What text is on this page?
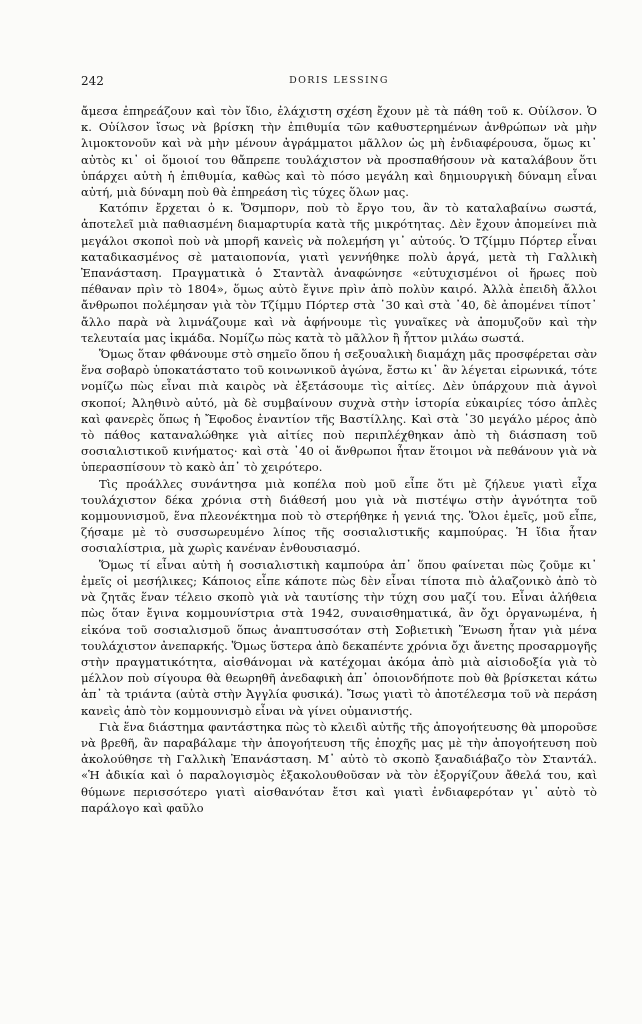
242	DORIS LESSING

ἄμεσα ἐπηρεάζουν καὶ τὸν ἴδιο, ἐλάχιστη σχέση ἔχουν μὲ τὰ πάθη τοῦ κ. Οὐίλσον. Ὁ κ. Οὐίλσον ἴσως νὰ βρίσκη τὴν ἐπιθυμία τῶν καθυστερημένων ἀνθρώπων νὰ μὴν λιμοκτονοῦν καὶ νὰ μὴν μένουν ἀγράμματοι μᾶλλον ὡς μὴ ἐνδιαφέρουσα, ὅμως κι᾿ αὐτὸς κι᾿ οἱ ὅμοιοί του θἄπρεπε τουλάχιστον νὰ προσπαθήσουν νὰ καταλάβουν ὅτι ὑπάρχει αὐτὴ ἡ ἐπιθυμία, καθὼς καὶ τὸ πόσο μεγάλη καὶ δημιουργικὴ δύναμη εἶναι αὐτή, μιὰ δύναμη ποὺ θὰ ἐπηρεάση τὶς τύχες ὅλων μας.

Κατόπιν ἔρχεται ὁ κ. Ὄσμπορν, ποὺ τὸ ἔργο του, ἂν τὸ καταλαβαίνω σωστά, ἀποτελεῖ μιὰ παθιασμένη διαμαρτυρία κατὰ τῆς μικρότητας. Δὲν ἔχουν ἀπομείνει πιὰ μεγάλοι σκοποὶ ποὺ νὰ μπορῆ κανεὶς νὰ πολεμήση γι᾿ αὐτούς. Ὁ Τζίμμυ Πόρτερ εἶναι καταδικασμένος σὲ ματαιοπονία, γιατὶ γεννήθηκε πολὺ ἀργά, μετὰ τὴ Γαλλικὴ Ἐπανάσταση. Πραγματικὰ ὁ Σταντὰλ ἀναφώνησε «εὐτυχισμένοι οἱ ἥρωες ποὺ πέθαναν πρὶν τὸ 1804», ὅμως αὐτὸ ἔγινε πρὶν ἀπὸ πολὺν καιρό. Ἀλλὰ ἐπειδὴ ἄλλοι ἄνθρωποι πολέμησαν γιὰ τὸν Τζίμμυ Πόρτερ στὰ ᾿30 καὶ στὰ ᾿40, δὲ ἀπομένει τίποτ᾿ ἄλλο παρὰ νὰ λιμνάζουμε καὶ νὰ ἀφήνουμε τὶς γυναῖκες νὰ ἀπομυζοῦν καὶ τὴν τελευταία μας ἰκμάδα. Νομίζω πὼς κατὰ τὸ μᾶλλον ἢ ἧττον μιλάω σωστά.

Ὅμως ὅταν φθάνουμε στὸ σημεῖο ὅπου ἡ σεξουαλικὴ διαμάχη μᾶς προσφέρεται σὰν ἕνα σοβαρὸ ὑποκατάστατο τοῦ κοινωνικοῦ ἀγώνα, ἔστω κι᾿ ἂν λέγεται εἰρωνικά, τότε νομίζω πὼς εἶναι πιὰ καιρὸς νὰ ἐξετάσουμε τὶς αἰτίες. Δὲν ὑπάρχουν πιὰ ἁγνοὶ σκοποί; Ἀληθινὸ αὐτό, μὰ δὲ συμβαίνουν συχνὰ στὴν ἱστορία εὐκαιρίες τόσο ἁπλὲς καὶ φανερὲς ὅπως ἡ Ἔφοδος ἐναντίον τῆς Βαστίλλης. Καὶ στὰ ᾿30 μεγάλο μέρος ἀπὸ τὸ πάθος καταναλώθηκε γιὰ αἰτίες ποὺ περιπλέχθηκαν ἀπὸ τὴ διάσπαση τοῦ σοσιαλιστικοῦ κινήματος· καὶ στὰ ᾿40 οἱ ἄνθρωποι ἦταν ἕτοιμοι νὰ πεθάνουν γιὰ νὰ ὑπερασπίσουν τὸ κακὸ ἀπ᾿ τὸ χειρότερο.

Τὶς προάλλες συνάντησα μιὰ κοπέλα ποὺ μοῦ εἶπε ὅτι μὲ ζήλευε γιατὶ εἶχα τουλάχιστον δέκα χρόνια στὴ διάθεσή μου γιὰ νὰ πιστέψω στὴν ἀγνότητα τοῦ κομμουνισμοῦ, ἕνα πλεονέκτημα ποὺ τὸ στερήθηκε ἡ γενιά της. Ὅλοι ἐμεῖς, μοῦ εἶπε, ζήσαμε μὲ τὸ συσσωρευμένο λίπος τῆς σοσιαλιστικῆς καμπούρας. Ἡ ἴδια ἦταν σοσιαλίστρια, μὰ χωρὶς κανέναν ἐνθουσιασμό.

Ὅμως τί εἶναι αὐτὴ ἡ σοσιαλιστικὴ καμπούρα ἀπ᾿ ὅπου φαίνεται πὼς ζοῦμε κι᾿ ἐμεῖς οἱ μεσήλικες; Κάποιος εἶπε κάποτε πὼς δὲν εἶναι τίποτα πιὸ ἀλαζονικὸ ἀπὸ τὸ νὰ ζητᾶς ἕναν τέλειο σκοπὸ γιὰ νὰ ταυτίσης τὴν τύχη σου μαζί του. Εἶναι ἀλήθεια πὼς ὅταν ἔγινα κομμουνίστρια στὰ 1942, συναισθηματικά, ἂν ὄχι ὀργανωμένα, ἡ εἰκόνα τοῦ σοσιαλισμοῦ ὅπως ἀναπτυσσόταν στὴ Σοβιετικὴ Ἕνωση ἦταν γιὰ μένα τουλάχιστον ἀνεπαρκής. Ὅμως ὕστερα ἀπὸ δεκαπέντε χρόνια ὄχι ἄνετης προσαρμογῆς στὴν πραγματικότητα, αἰσθάνομαι νὰ κατέχομαι ἀκόμα ἀπὸ μιὰ αἰσιοδοξία γιὰ τὸ μέλλον ποὺ σίγουρα θὰ θεωρηθῆ ἀνεδαφικὴ ἀπ᾿ ὁποιονδήποτε ποὺ θὰ βρίσκεται κάτω ἀπ᾿ τὰ τριάντα (αὐτὰ στὴν Ἀγγλία φυσικά). Ἴσως γιατὶ τὸ ἀποτέλεσμα τοῦ νὰ περάση κανεὶς ἀπὸ τὸν κομμουνισμὸ εἶναι νὰ γίνει οὑμανιστής.

Γιὰ ἕνα διάστημα φαντάστηκα πὼς τὸ κλειδὶ αὐτῆς τῆς ἀπογοήτευσης θὰ μποροῦσε νὰ βρεθῆ, ἂν παραβάλαμε τὴν ἀπογοήτευση τῆς ἐποχῆς μας μὲ τὴν ἀπογοήτευση ποὺ ἀκολούθησε τὴ Γαλλικὴ Ἐπανάσταση. Μ᾿ αὐτὸ τὸ σκοπὸ ξαναδιάβαζο τὸν Σταντάλ. «Ἡ ἀδικία καὶ ὁ παραλογισμὸς ἐξακολουθοῦσαν νὰ τὸν ἐξοργίζουν ἄθελά του, καὶ θύμωνε περισσότερο γιατὶ αἰσθανόταν ἔτσι καὶ γιατὶ ἐνδιαφερόταν γι᾿ αὐτὸ τὸ παράλογο καὶ φαῦλο
